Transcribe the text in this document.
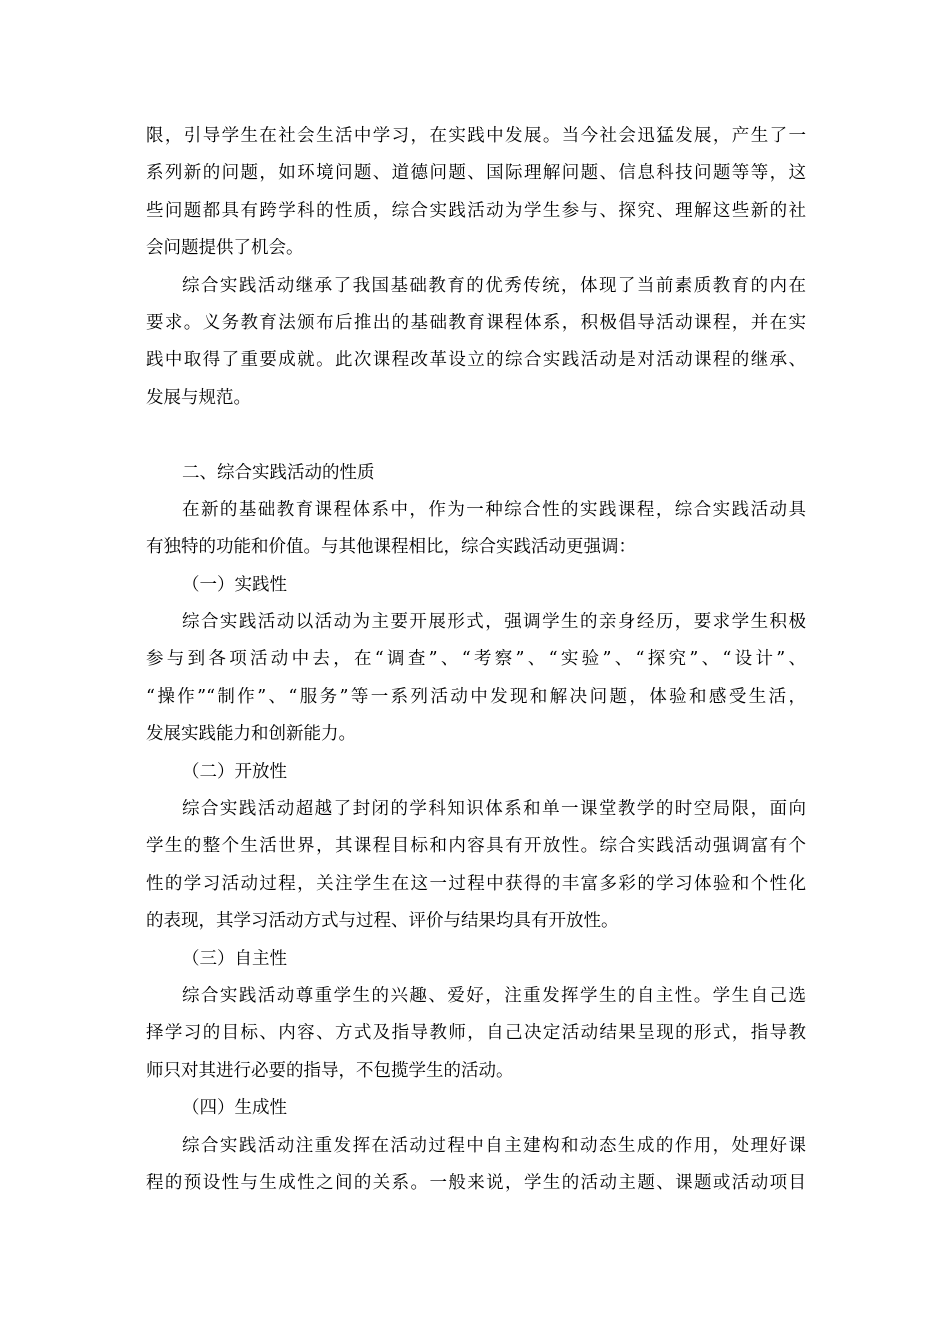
限，引导学生在社会生活中学习，在实践中发展。当今社会迅猛发展，产生了一
系列新的问题，如环境问题、道德问题、国际理解问题、信息科技问题等等，这
些问题都具有跨学科的性质，综合实践活动为学生参与、探究、理解这些新的社
会问题提供了机会。
综合实践活动继承了我国基础教育的优秀传统，体现了当前素质教育的内在
要求。义务教育法颁布后推出的基础教育课程体系，积极倡导活动课程，并在实
践中取得了重要成就。此次课程改革设立的综合实践活动是对活动课程的继承、
发展与规范。
二、综合实践活动的性质
在新的基础教育课程体系中，作为一种综合性的实践课程，综合实践活动具
有独特的功能和价值。与其他课程相比，综合实践活动更强调：
（一）实践性
综合实践活动以活动为主要开展形式，强调学生的亲身经历，要求学生积极
参与到各项活动中去，在“调查”、“考察”、“实验”、“探究”、“设计”、
“操作”“制作”、“服务”等一系列活动中发现和解决问题，体验和感受生活，
发展实践能力和创新能力。
（二）开放性
综合实践活动超越了封闭的学科知识体系和单一课堂教学的时空局限，面向
学生的整个生活世界，其课程目标和内容具有开放性。综合实践活动强调富有个
性的学习活动过程，关注学生在这一过程中获得的丰富多彩的学习体验和个性化
的表现，其学习活动方式与过程、评价与结果均具有开放性。
（三）自主性
综合实践活动尊重学生的兴趣、爱好，注重发挥学生的自主性。学生自己选
择学习的目标、内容、方式及指导教师，自己决定活动结果呈现的形式，指导教
师只对其进行必要的指导，不包揽学生的活动。
（四）生成性
综合实践活动注重发挥在活动过程中自主建构和动态生成的作用，处理好课
程的预设性与生成性之间的关系。一般来说，学生的活动主题、课题或活动项目
